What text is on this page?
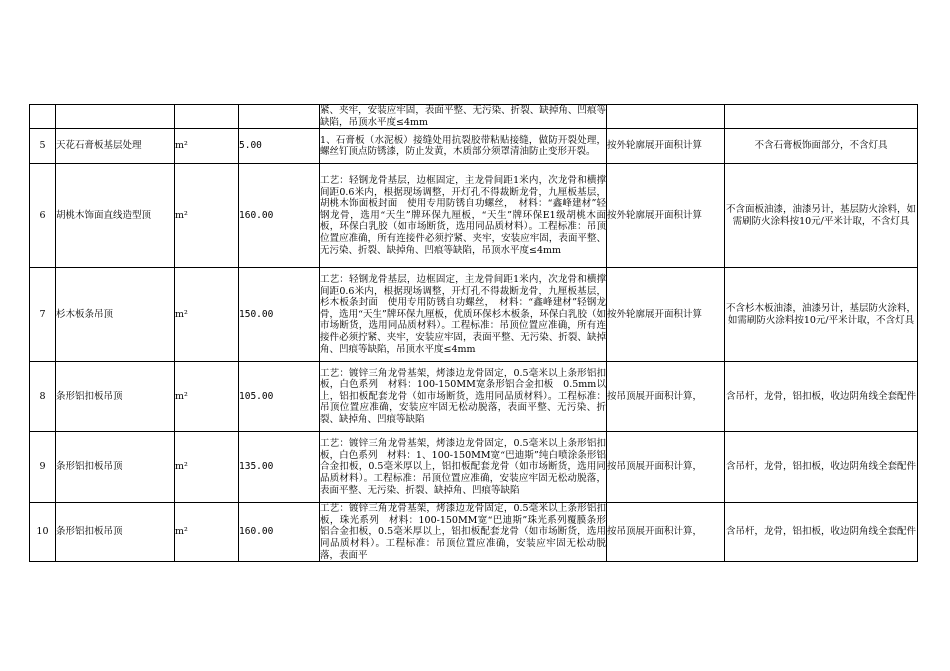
				紧、夹牢，安装应牢固，表面平整、无污染、折裂、缺掉角、凹痕等缺陷，吊顶水平度≤4mm		

5	天花石膏板基层处理	m²	5.00	1、石膏板（水泥板）接缝处用抗裂胶带粘贴接缝，做防开裂处理，螺丝钉顶点防锈漆，防止发黄，木质部分须罩清油防止变形开裂。	按外轮廓展开面积计算	不含石膏板饰面部分，不含灯具
6	胡桃木饰面直线造型顶	m²	160.00	工艺：轻钢龙骨基层，边框固定，主龙骨间距1米内，次龙骨和横撑间距0.6米内，根据现场调整，开灯孔不得裁断龙骨，九厘板基层，胡桃木饰面板封面　使用专用防锈自功螺丝，　材料：“鑫峰建材”轻钢龙骨，选用“天生”牌环保九厘板，“天生”牌环保E1级胡桃木面板，环保白乳胶（如市场断货，选用同品质材料）。工程标准：吊顶位置应准确，所有连接件必须拧紧、夹牢，安装应牢固，表面平整、无污染、折裂、缺掉角、凹痕等缺陷，吊顶水平度≤4mm	按外轮廓展开面积计算	不含面板油漆，油漆另计，基层防火涂料，如需刷防火涂料按10元/平米计取，不含灯具
7	杉木板条吊顶	m²	150.00	工艺：轻钢龙骨基层，边框固定，主龙骨间距1米内，次龙骨和横撑间距0.6米内，根据现场调整，开灯孔不得裁断龙骨，九厘板基层，杉木板条封面　使用专用防锈自功螺丝，　材料：“鑫峰建材”轻钢龙骨，选用“天生”牌环保九厘板，优质环保杉木板条，环保白乳胶（如市场断货，选用同品质材料）。工程标准：吊顶位置应准确，所有连接件必须拧紧、夹牢，安装应牢固，表面平整、无污染、折裂、缺掉角、凹痕等缺陷，吊顶水平度≤4mm	按外轮廓展开面积计算	不含杉木板油漆，油漆另计，基层防火涂料，如需刷防火涂料按10元/平米计取，不含灯具
8	条形铝扣板吊顶	m²	105.00	工艺：镀锌三角龙骨基架，烤漆边龙骨固定，0.5毫米以上条形铝扣板，白色系列　材料：100-150MM宽条形铝合金扣板　0.5mm以上，铝扣板配套龙骨（如市场断货，选用同品质材料）。工程标准：吊顶位置应准确，安装应牢固无松动脱落，表面平整、无污染、折裂、缺掉角、凹痕等缺陷	按吊顶展开面积计算，	含吊杆，龙骨，铝扣板，收边阴角线全套配件
9	条形铝扣板吊顶	m²	135.00	工艺：镀锌三角龙骨基架，烤漆边龙骨固定，0.5毫米以上条形铝扣板，白色系列　材料：1、100-150MM宽“巴迪斯”纯白喷涂条形铝合金扣板，0.5毫米厚以上，铝扣板配套龙骨（如市场断货，选用同品质材料）。工程标准：吊顶位置应准确，安装应牢固无松动脱落，表面平整、无污染、折裂、缺掉角、凹痕等缺陷	按吊顶展开面积计算，	含吊杆，龙骨，铝扣板，收边阴角线全套配件
10	条形铝扣板吊顶	m²	160.00	工艺：镀锌三角龙骨基架，烤漆边龙骨固定，0.5毫米以上条形铝扣板，珠光系列　材料：100-150MM宽“巴迪斯”珠光系列覆膜条形铝合金扣板，0.5毫米厚以上，铝扣板配套龙骨（如市场断货，选用同品质材料）。工程标准：吊顶位置应准确，安装应牢固无松动脱落，表面平	按吊顶展开面积计算，	含吊杆，龙骨，铝扣板，收边阴角线全套配件
